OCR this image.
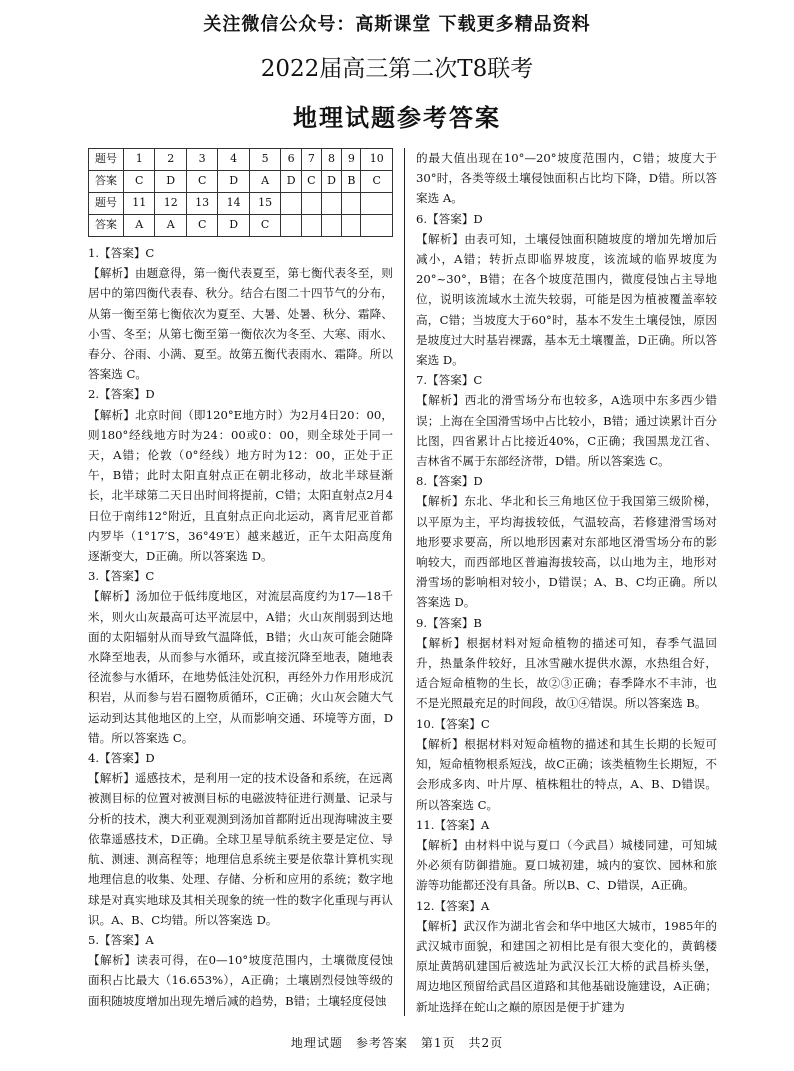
关注微信公众号：高斯课堂 下载更多精品资料
2022届高三第二次T8联考
地理试题参考答案
题号	1	2	3	4	5	6	7	8	9	10
答案	C	D	C	D	A	D	C	D	B	C
题号	11	12	13	14	15					
答案	A	A	C	D	C					

1.【答案】C

【解析】由题意得，第一衡代表夏至，第七衡代表冬至，则居中的第四衡代表春、秋分。结合右图二十四节气的分布，从第一衡至第七衡依次为夏至、大暑、处暑、秋分、霜降、小雪、冬至；从第七衡至第一衡依次为冬至、大寒、雨水、春分、谷雨、小满、夏至。故第五衡代表雨水、霜降。所以答案选 C。

2.【答案】D

【解析】北京时间（即120°E地方时）为2月4日20：00，则180°经线地方时为24：00或0：00，则全球处于同一天，A错；伦敦（0°经线）地方时为12：00，正处于正午，B错；此时太阳直射点正在朝北移动，故北半球昼渐长，北半球第二天日出时间将提前，C错；太阳直射点2月4日位于南纬12°附近，且直射点正向北运动，离肯尼亚首都内罗毕（1°17′S，36°49′E）越来越近，正午太阳高度角逐渐变大，D正确。所以答案选 D。

3.【答案】C

【解析】汤加位于低纬度地区，对流层高度约为17—18千米，则火山灰最高可达平流层中，A错；火山灰削弱到达地面的太阳辐射从而导致气温降低，B错；火山灰可能会随降水降至地表，从而参与水循环，或直接沉降至地表，随地表径流参与水循环，在地势低洼处沉积，再经外力作用形成沉积岩，从而参与岩石圈物质循环，C正确；火山灰会随大气运动到达其他地区的上空，从而影响交通、环境等方面，D错。所以答案选 C。

4.【答案】D

【解析】遥感技术，是利用一定的技术设备和系统，在远离被测目标的位置对被测目标的电磁波特征进行测量、记录与分析的技术，澳大利亚观测到汤加首都附近出现海啸波主要依靠遥感技术，D正确。全球卫星导航系统主要是定位、导航、测速、测高程等；地理信息系统主要是依靠计算机实现地理信息的收集、处理、存储、分析和应用的系统；数字地球是对真实地球及其相关现象的统一性的数字化重现与再认识。A、B、C均错。所以答案选 D。

5.【答案】A

【解析】读表可得，在0—10°坡度范围内，土壤微度侵蚀面积占比最大（16.653%），A正确；土壤剧烈侵蚀等级的面积随坡度增加出现先增后减的趋势，B错；土壤轻度侵蚀

的最大值出现在10°—20°坡度范围内，C错；坡度大于30°时，各类等级土壤侵蚀面积占比均下降，D错。所以答案选 A。

6.【答案】D

【解析】由表可知，土壤侵蚀面积随坡度的增加先增加后减小，A错；转折点即临界坡度，该流域的临界坡度为20°~30°，B错；在各个坡度范围内，微度侵蚀占主导地位，说明该流域水土流失较弱，可能是因为植被覆盖率较高，C错；当坡度大于60°时，基本不发生土壤侵蚀，原因是坡度过大时基岩裸露，基本无土壤覆盖，D正确。所以答案选 D。

7.【答案】C

【解析】西北的滑雪场分布也较多，A选项中东多西少错误；上海在全国滑雪场中占比较小，B错；通过读累计百分比图，四省累计占比接近40%，C正确；我国黑龙江省、吉林省不属于东部经济带，D错。所以答案选 C。

8.【答案】D

【解析】东北、华北和长三角地区位于我国第三级阶梯，以平原为主，平均海拔较低，气温较高，若修建滑雪场对地形要求要高，所以地形因素对东部地区滑雪场分布的影响较大，而西部地区普遍海拔较高，以山地为主，地形对滑雪场的影响相对较小，D错误；A、B、C均正确。所以答案选 D。

9.【答案】B

【解析】根据材料对短命植物的描述可知，春季气温回升，热量条件较好，且冰雪融水提供水源，水热组合好，适合短命植物的生长，故②③正确；春季降水不丰沛，也不是光照最充足的时间段，故①④错误。所以答案选 B。

10.【答案】C

【解析】根据材料对短命植物的描述和其生长期的长短可知，短命植物根系短浅，故C正确；该类植物生长期短，不会形成多肉、叶片厚、植株粗壮的特点，A、B、D错误。所以答案选 C。

11.【答案】A

【解析】由材料中说与夏口（今武昌）城楼同建，可知城外必须有防御措施。夏口城初建，城内的宴饮、园林和旅游等功能都还没有具备。所以B、C、D错误，A正确。

12.【答案】A

【解析】武汉作为湖北省会和华中地区大城市，1985年的武汉城市面貌，和建国之初相比是有很大变化的，黄鹤楼原址黄鹄矶建国后被选址为武汉长江大桥的武昌桥头堡，周边地区预留给武昌区道路和其他基础设施建设，A正确；新址选择在蛇山之巅的原因是便于扩建为

地理试题　参考答案　第1页　共2页
